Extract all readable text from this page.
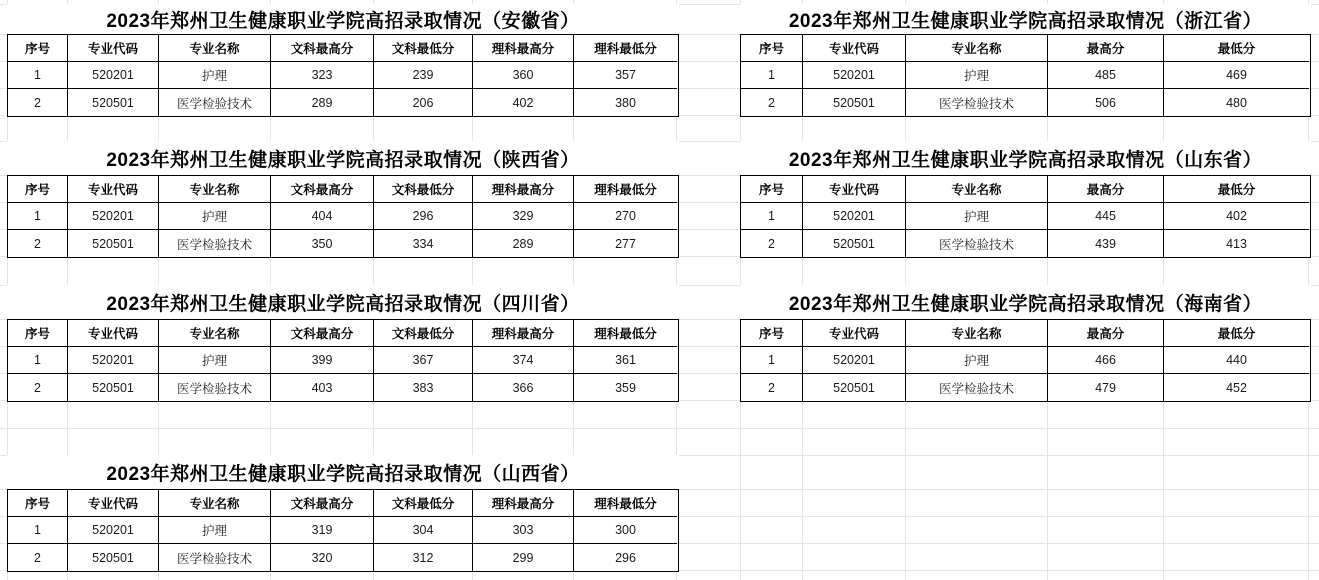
2023年郑州卫生健康职业学院高招录取情况（安徽省）
序号	专业代码	专业名称	文科最高分	文科最低分	理科最高分	理科最低分
1	520201	护理	323	239	360	357
2	520501	医学检验技术	289	206	402	380
2023年郑州卫生健康职业学院高招录取情况（浙江省）
序号	专业代码	专业名称	最高分	最低分
1	520201	护理	485	469
2	520501	医学检验技术	506	480
2023年郑州卫生健康职业学院高招录取情况（陕西省）
序号	专业代码	专业名称	文科最高分	文科最低分	理科最高分	理科最低分
1	520201	护理	404	296	329	270
2	520501	医学检验技术	350	334	289	277
2023年郑州卫生健康职业学院高招录取情况（山东省）
序号	专业代码	专业名称	最高分	最低分
1	520201	护理	445	402
2	520501	医学检验技术	439	413
2023年郑州卫生健康职业学院高招录取情况（四川省）
序号	专业代码	专业名称	文科最高分	文科最低分	理科最高分	理科最低分
1	520201	护理	399	367	374	361
2	520501	医学检验技术	403	383	366	359
2023年郑州卫生健康职业学院高招录取情况（海南省）
序号	专业代码	专业名称	最高分	最低分
1	520201	护理	466	440
2	520501	医学检验技术	479	452
2023年郑州卫生健康职业学院高招录取情况（山西省）
序号	专业代码	专业名称	文科最高分	文科最低分	理科最高分	理科最低分
1	520201	护理	319	304	303	300
2	520501	医学检验技术	320	312	299	296
